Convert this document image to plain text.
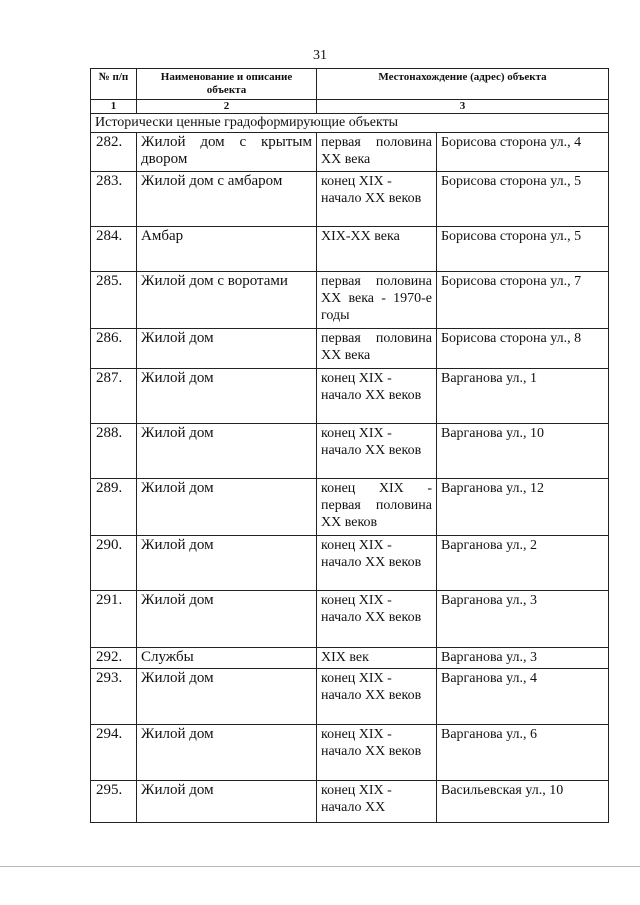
31
№ п/п	Наименование и описание объекта	Местонахождение (адрес) объекта	
1	2	3	
Исторически ценные градоформирующие объекты			
282.	Жилой дом с крытым двором	первая половина XX века	Борисова сторона ул., 4
283.	Жилой дом с амбаром	конец XIX - начало XX веков	Борисова сторона ул., 5
284.	Амбар	XIX-XX века	Борисова сторона ул., 5
285.	Жилой дом с воротами	первая половина XX века - 1970-е годы	Борисова сторона ул., 7
286.	Жилой дом	первая половина XX века	Борисова сторона ул., 8
287.	Жилой дом	конец XIX - начало XX веков	Варганова ул., 1
288.	Жилой дом	конец XIX - начало XX веков	Варганова ул., 10
289.	Жилой дом	конец XIX - первая половина XX веков	Варганова ул., 12
290.	Жилой дом	конец XIX - начало XX веков	Варганова ул., 2
291.	Жилой дом	конец XIX - начало XX веков	Варганова ул., 3
292.	Службы	XIX век	Варганова ул., 3
293.	Жилой дом	конец XIX - начало XX веков	Варганова ул., 4
294.	Жилой дом	конец XIX - начало XX веков	Варганова ул., 6
295.	Жилой дом	конец XIX - начало XX	Васильевская ул., 10
